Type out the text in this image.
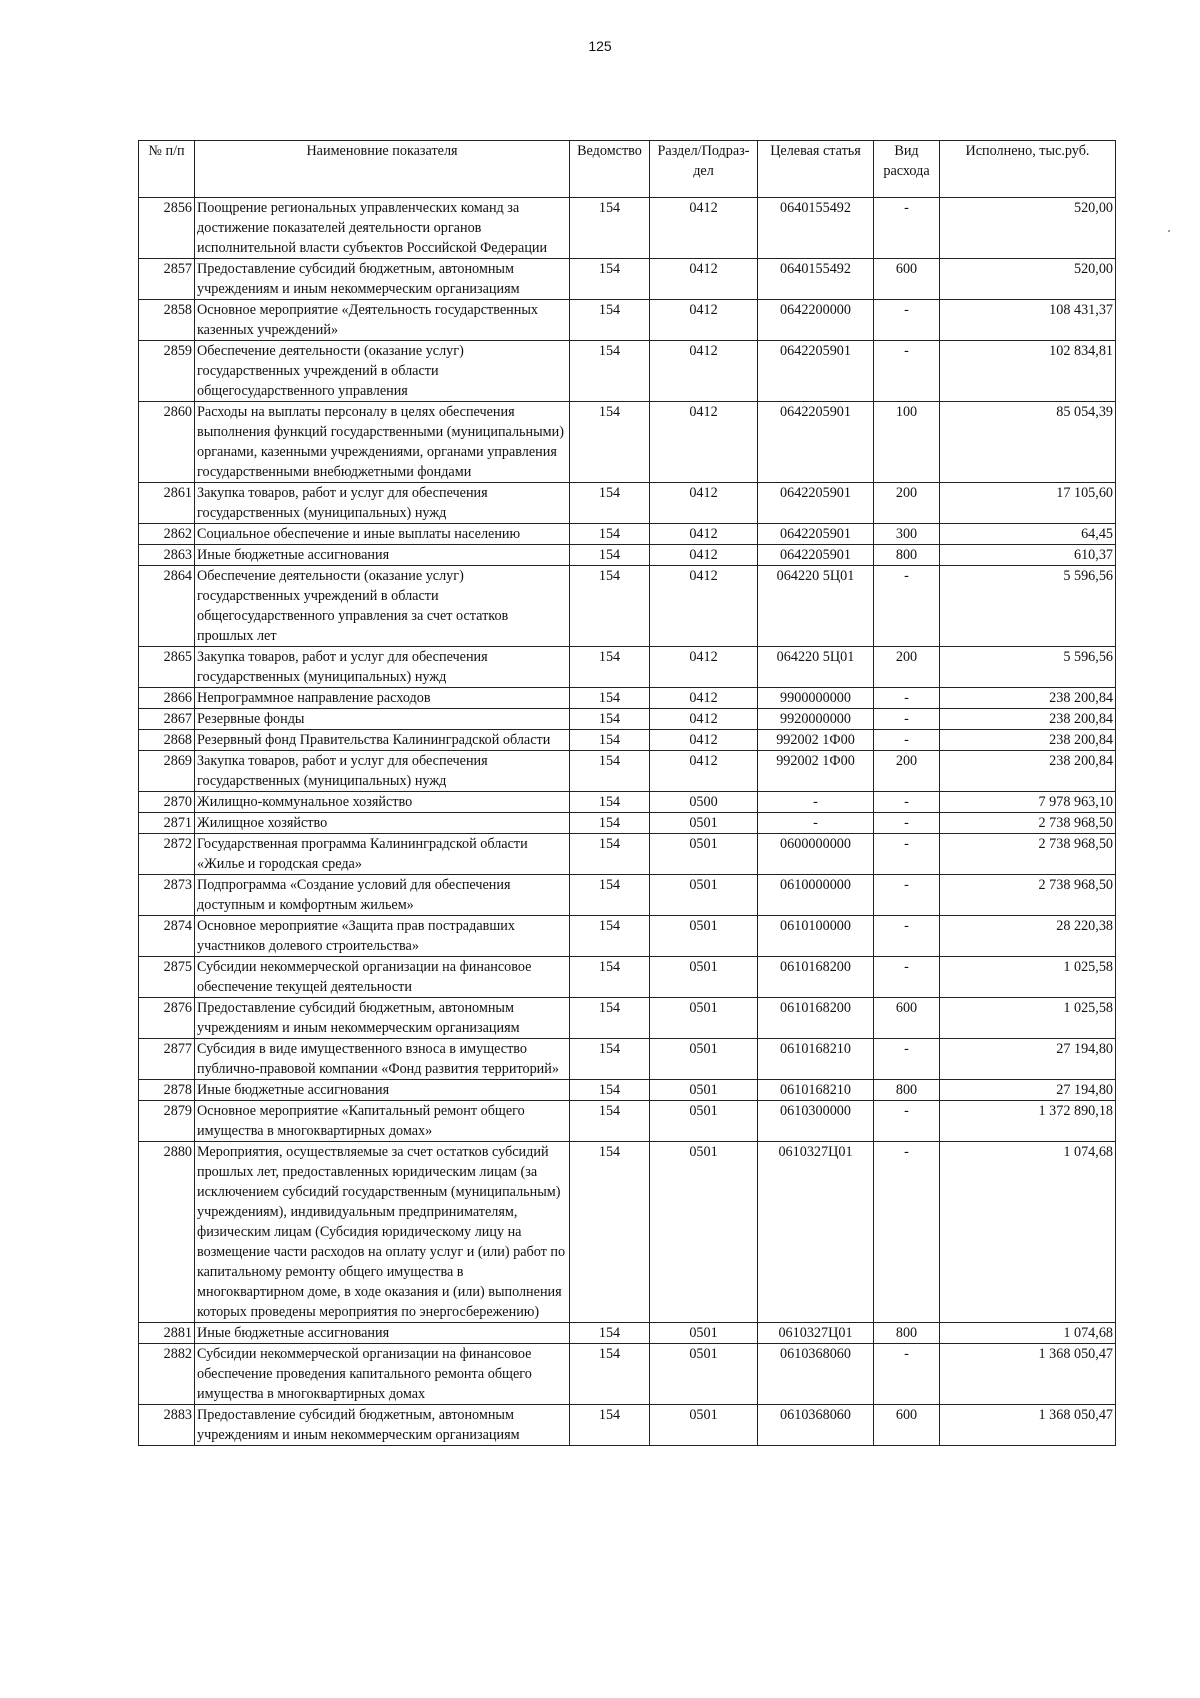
125
№ п/п	Наименовние показателя	Ведомство	Раздел/Подраз-дел	Целевая статья	Вид расхода	Исполнено, тыс.руб.
2856	Поощрение региональных управленческих команд за достижение показателей деятельности органов исполнительной власти субъектов Российской Федерации	154	0412	0640155492	-	520,00
2857	Предоставление субсидий бюджетным, автономным учреждениям и иным некоммерческим организациям	154	0412	0640155492	600	520,00
2858	Основное мероприятие «Деятельность государственных казенных учреждений»	154	0412	0642200000	-	108 431,37
2859	Обеспечение деятельности (оказание услуг) государственных учреждений в области общегосударственного управления	154	0412	0642205901	-	102 834,81
2860	Расходы на выплаты персоналу в целях обеспечения выполнения функций государственными (муниципальными) органами, казенными учреждениями, органами управления государственными внебюджетными фондами	154	0412	0642205901	100	85 054,39
2861	Закупка товаров, работ и услуг для обеспечения государственных (муниципальных) нужд	154	0412	0642205901	200	17 105,60
2862	Социальное обеспечение и иные выплаты населению	154	0412	0642205901	300	64,45
2863	Иные бюджетные ассигнования	154	0412	0642205901	800	610,37
2864	Обеспечение деятельности (оказание услуг) государственных учреждений в области общегосударственного управления за счет остатков прошлых лет	154	0412	064220 5Ц01	-	5 596,56
2865	Закупка товаров, работ и услуг для обеспечения государственных (муниципальных) нужд	154	0412	064220 5Ц01	200	5 596,56
2866	Непрограммное направление расходов	154	0412	9900000000	-	238 200,84
2867	Резервные фонды	154	0412	9920000000	-	238 200,84
2868	Резервный фонд Правительства Калининградской области	154	0412	992002 1Ф00	-	238 200,84
2869	Закупка товаров, работ и услуг для обеспечения государственных (муниципальных) нужд	154	0412	992002 1Ф00	200	238 200,84
2870	Жилищно-коммунальное хозяйство	154	0500	-	-	7 978 963,10
2871	Жилищное хозяйство	154	0501	-	-	2 738 968,50
2872	Государственная программа Калининградской области «Жилье и городская среда»	154	0501	0600000000	-	2 738 968,50
2873	Подпрограмма «Создание условий для обеспечения доступным и комфортным жильем»	154	0501	0610000000	-	2 738 968,50
2874	Основное мероприятие «Защита прав пострадавших участников долевого строительства»	154	0501	0610100000	-	28 220,38
2875	Субсидии некоммерческой организации на финансовое обеспечение текущей деятельности	154	0501	0610168200	-	1 025,58
2876	Предоставление субсидий бюджетным, автономным учреждениям и иным некоммерческим организациям	154	0501	0610168200	600	1 025,58
2877	Субсидия в виде имущественного взноса в имущество публично-правовой компании «Фонд развития территорий»	154	0501	0610168210	-	27 194,80
2878	Иные бюджетные ассигнования	154	0501	0610168210	800	27 194,80
2879	Основное мероприятие «Капитальный ремонт общего имущества в многоквартирных домах»	154	0501	0610300000	-	1 372 890,18
2880	Мероприятия, осуществляемые за счет остатков субсидий прошлых лет, предоставленных юридическим лицам (за исключением субсидий государственным (муниципальным) учреждениям), индивидуальным предпринимателям, физическим лицам (Субсидия юридическому лицу на возмещение части расходов на оплату услуг и (или) работ по капитальному ремонту общего имущества в многоквартирном доме, в ходе оказания и (или) выполнения которых проведены мероприятия по энергосбережению)	154	0501	0610327Ц01	-	1 074,68
2881	Иные бюджетные ассигнования	154	0501	0610327Ц01	800	1 074,68
2882	Субсидии некоммерческой организации на финансовое обеспечение проведения капитального ремонта общего имущества в многоквартирных домах	154	0501	0610368060	-	1 368 050,47
2883	Предоставление субсидий бюджетным, автономным учреждениям и иным некоммерческим организациям	154	0501	0610368060	600	1 368 050,47
